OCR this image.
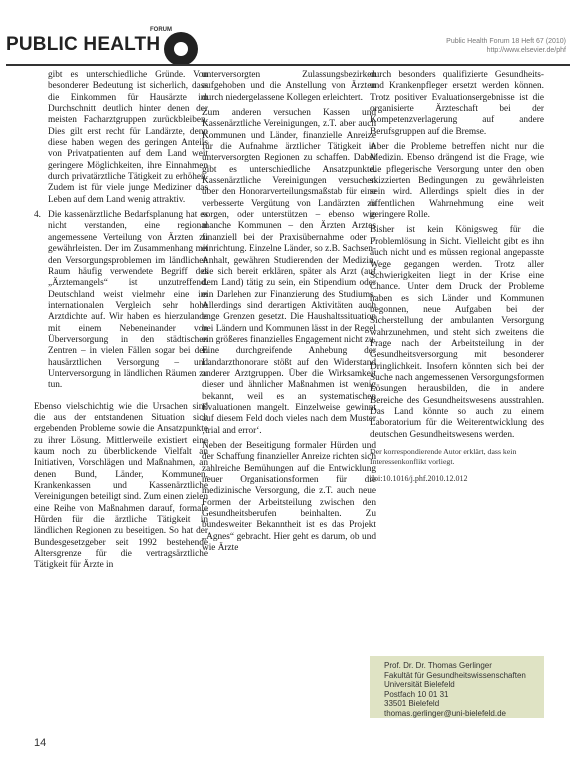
FORUM
PUBLIC HEALTH	Public Health Forum 18 Heft 67 (2010)
http://www.elsevier.de/phf

gibt es unterschiedliche Gründe. Von besonderer Bedeutung ist sicherlich, dass die Einkommen für Hausärzte im Durchschnitt deutlich hinter denen der meisten Facharztgruppen zurückbleiben. Dies gilt erst recht für Landärzte, denn diese haben wegen des geringen Anteils von Privatpatienten auf dem Land weit geringere Möglichkeiten, ihre Einnahmen durch privatärztliche Tätigkeit zu erhöhen. Zudem ist für viele junge Mediziner das Leben auf dem Land wenig attraktiv.

4. Die kassenärztliche Bedarfsplanung hat es nicht verstanden, eine regional angemessene Verteilung von Ärzten zu gewährleisten. Der im Zusammenhang mit den Versorgungsproblemen im ländlichen Raum häufig verwendete Begriff des „Ärztemangels“ ist unzutreffend. Deutschland weist vielmehr eine im internationalen Vergleich sehr hohe Arztdichte auf. Wir haben es hierzulande mit einem Nebeneinander von Überversorgung in den städtischen Zentren – in vielen Fällen sogar bei den hausärztlichen Versorgung – und Unterversorgung in ländlichen Räumen zu tun.

Ebenso vielschichtig wie die Ursachen sind die aus der entstandenen Situation sich ergebenden Probleme sowie die Ansatzpunkte zu ihrer Lösung. Mittlerweile existiert eine kaum noch zu überblickende Vielfalt an Initiativen, Vorschlägen und Maßnahmen, an denen Bund, Länder, Kommunen, Krankenkassen und Kassenärztliche Vereinigungen beteiligt sind. Zum einen zielen eine Reihe von Maßnahmen darauf, formale Hürden für die ärztliche Tätigkeit in ländlichen Regionen zu beseitigen. So hat der Bundesgesetzgeber seit 1992 bestehende Altersgrenze für die vertragsärztliche Tätigkeit für Ärzte in

unterversorgten Zulassungsbezirken aufgehoben und die Anstellung von Ärzten durch niedergelassene Kollegen erleichtert.

Zum anderen versuchen Kassen und Kassenärztliche Vereinigungen, z.T. aber auch Kommunen und Länder, finanzielle Anreize für die Aufnahme ärztlicher Tätigkeit in unterversorgten Regionen zu schaffen. Dabei gibt es unterschiedliche Ansatzpunkte. Kassenärztliche Vereinigungen versuchen über den Honorarverteilungsmaßstab für eine verbesserte Vergütung von Landärzten zu sorgen, oder unterstützen – ebenso wie manche Kommunen – den Ärzten Arztes finanziell bei der Praxisübernahme oder -einrichtung. Einzelne Länder, so z.B. Sachsen-Anhalt, gewähren Studierenden der Medizin, die sich bereit erklären, später als Arzt (auf dem Land) tätig zu sein, ein Stipendium oder ein Darlehen zur Finanzierung des Studiums. Allerdings sind derartigen Aktivitäten auch enge Grenzen gesetzt. Die Haushaltssituation bei Ländern und Kommunen lässt in der Regel ein größeres finanzielles Engagement nicht zu. Eine durchgreifende Anhebung der Landarzthonorare stößt auf den Widerstand anderer Arztgruppen. Über die Wirksamkeit dieser und ähnlicher Maßnahmen ist wenig bekannt, weil es an systematischen Evaluationen mangelt. Einzelweise gewinnt auf diesem Feld doch vieles nach dem Muster ‚trial and error‘.

Neben der Beseitigung formaler Hürden und der Schaffung finanzieller Anreize richten sich zahlreiche Bemühungen auf die Entwicklung neuer Organisationsformen für die medizinische Versorgung, die z.T. auch neue Formen der Arbeitsteilung zwischen den Gesundheitsberufen beinhalten. Zu bundesweiter Bekanntheit ist es das Projekt „Agnes“ gebracht. Hier geht es darum, ob und wie Ärzte

durch besonders qualifizierte Gesundheits- und Krankenpfleger ersetzt werden können. Trotz positiver Evaluationsergebnisse ist die organisierte Ärzteschaft bei der Kompetenzverlagerung auf andere Berufsgruppen auf die Bremse.

Aber die Probleme betreffen nicht nur die Medizin. Ebenso drängend ist die Frage, wie die pflegerische Versorgung unter den oben skizzierten Bedingungen zu gewährleisten sein wird. Allerdings spielt dies in der öffentlichen Wahrnehmung eine weit geringere Rolle.

Bisher ist kein Königsweg für die Problemlösung in Sicht. Vielleicht gibt es ihn auch nicht und es müssen regional angepasste Wege gegangen werden. Trotz aller Schwierigkeiten liegt in der Krise eine Chance. Unter dem Druck der Probleme haben es sich Länder und Kommunen begonnen, neue Aufgaben bei der Sicherstellung der ambulanten Versorgung wahrzunehmen, und steht sich zweitens die Frage nach der Arbeitsteilung in der Gesundheitsversorgung mit besonderer Dringlichkeit. Insofern könnten sich bei der Suche nach angemessenen Versorgungsformen Lösungen herausbilden, die in andere Bereiche des Gesundheitswesens ausstrahlen. Das Land könnte so auch zu einem Laboratorium für die Weiterentwicklung des deutschen Gesundheitswesens werden.

Der korrespondierende Autor erklärt, dass kein Interessenkonflikt vorliegt.
doi:10.1016/j.phf.2010.12.012
Prof. Dr. Dr. Thomas Gerlinger
Fakultät für Gesundheitswissenschaften
Universität Bielefeld
Postfach 10 01 31
33501 Bielefeld
thomas.gerlinger@uni-bielefeld.de
14
